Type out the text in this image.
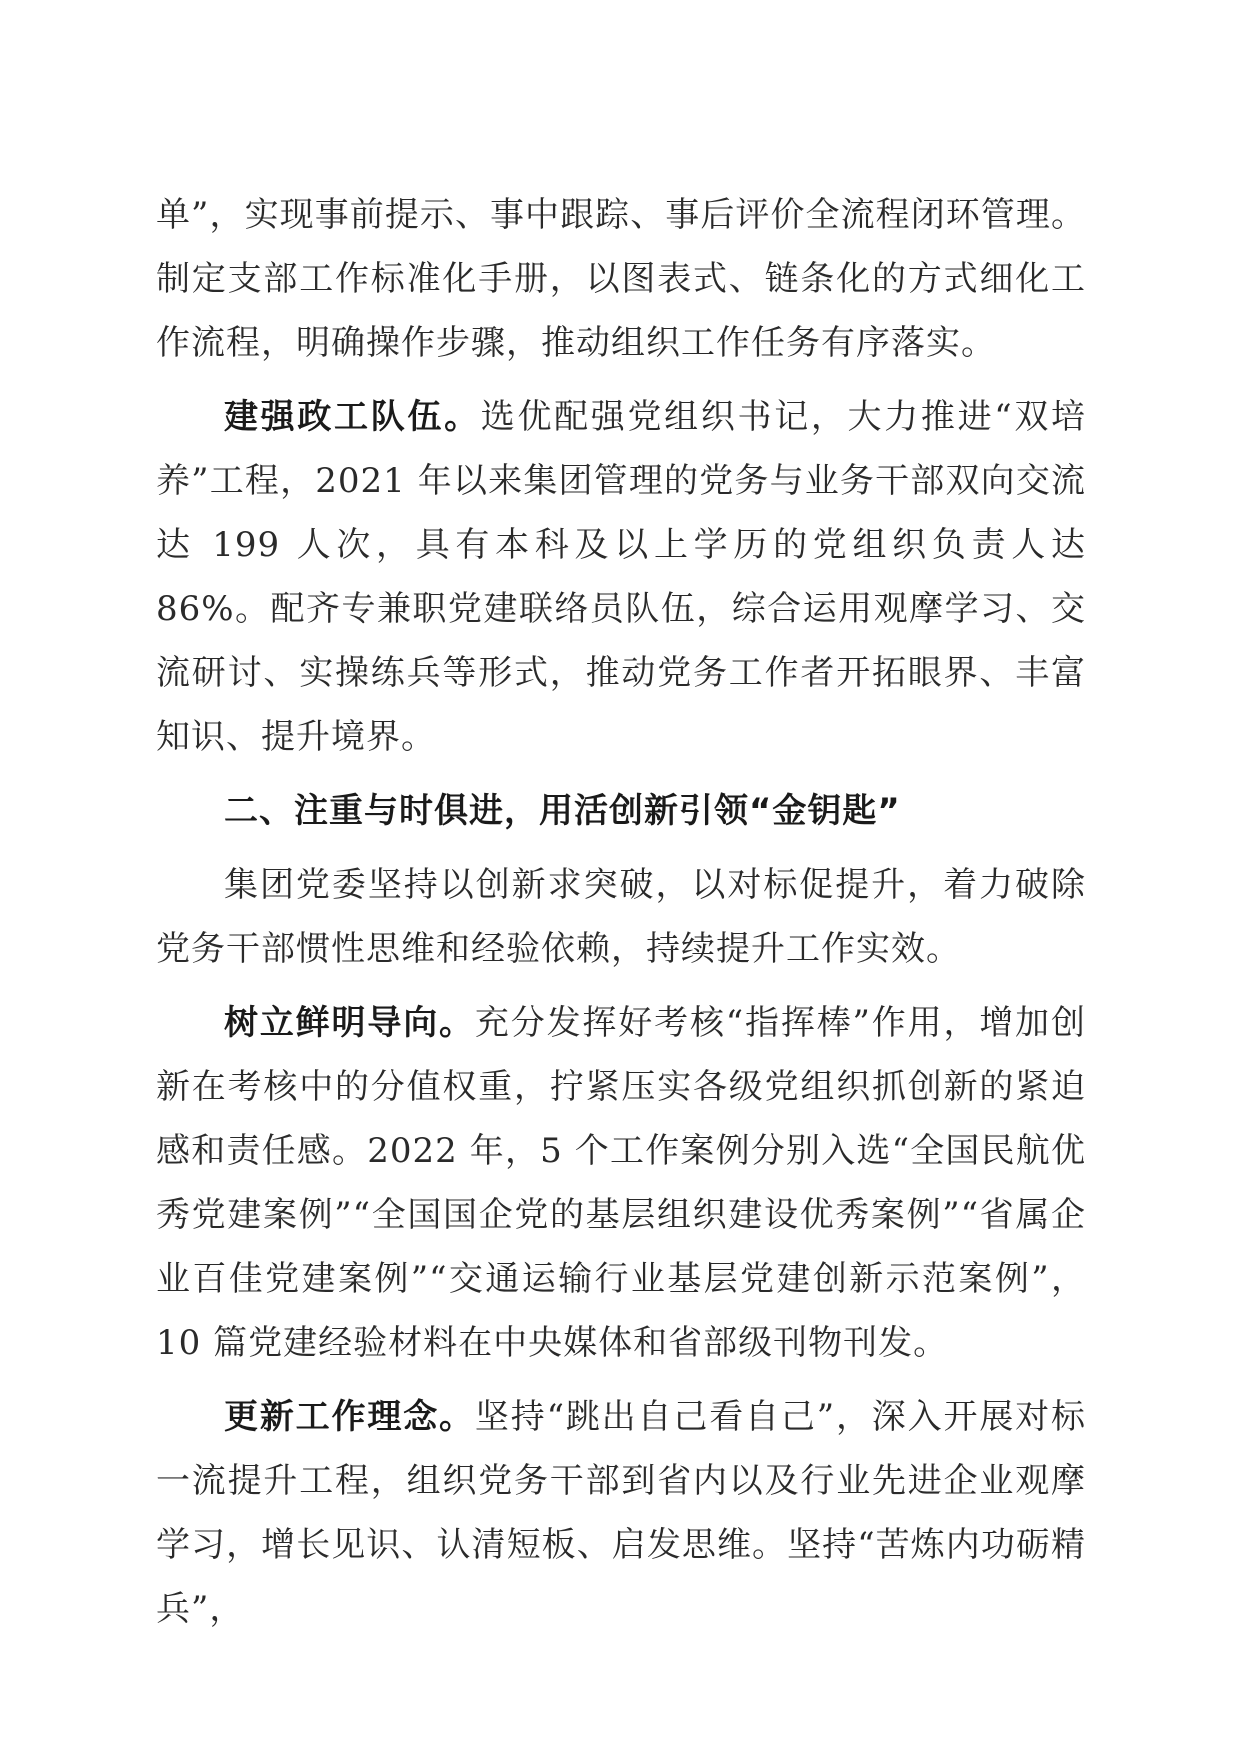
单”，实现事前提示、事中跟踪、事后评价全流程闭环管理。制定支部工作标准化手册，以图表式、链条化的方式细化工作流程，明确操作步骤，推动组织工作任务有序落实。

建强政工队伍。选优配强党组织书记，大力推进“双培养”工程，2021 年以来集团管理的党务与业务干部双向交流达 199 人次，具有本科及以上学历的党组织负责人达 86%。配齐专兼职党建联络员队伍，综合运用观摩学习、交流研讨、实操练兵等形式，推动党务工作者开拓眼界、丰富知识、提升境界。

二、注重与时俱进，用活创新引领“金钥匙”

集团党委坚持以创新求突破，以对标促提升，着力破除党务干部惯性思维和经验依赖，持续提升工作实效。

树立鲜明导向。充分发挥好考核“指挥棒”作用，增加创新在考核中的分值权重，拧紧压实各级党组织抓创新的紧迫感和责任感。2022 年，5 个工作案例分别入选“全国民航优秀党建案例”“全国国企党的基层组织建设优秀案例”“省属企业百佳党建案例”“交通运输行业基层党建创新示范案例”，10 篇党建经验材料在中央媒体和省部级刊物刊发。

更新工作理念。坚持“跳出自己看自己”，深入开展对标一流提升工程，组织党务干部到省内以及行业先进企业观摩学习，增长见识、认清短板、启发思维。坚持“苦炼内功砺精兵”，
